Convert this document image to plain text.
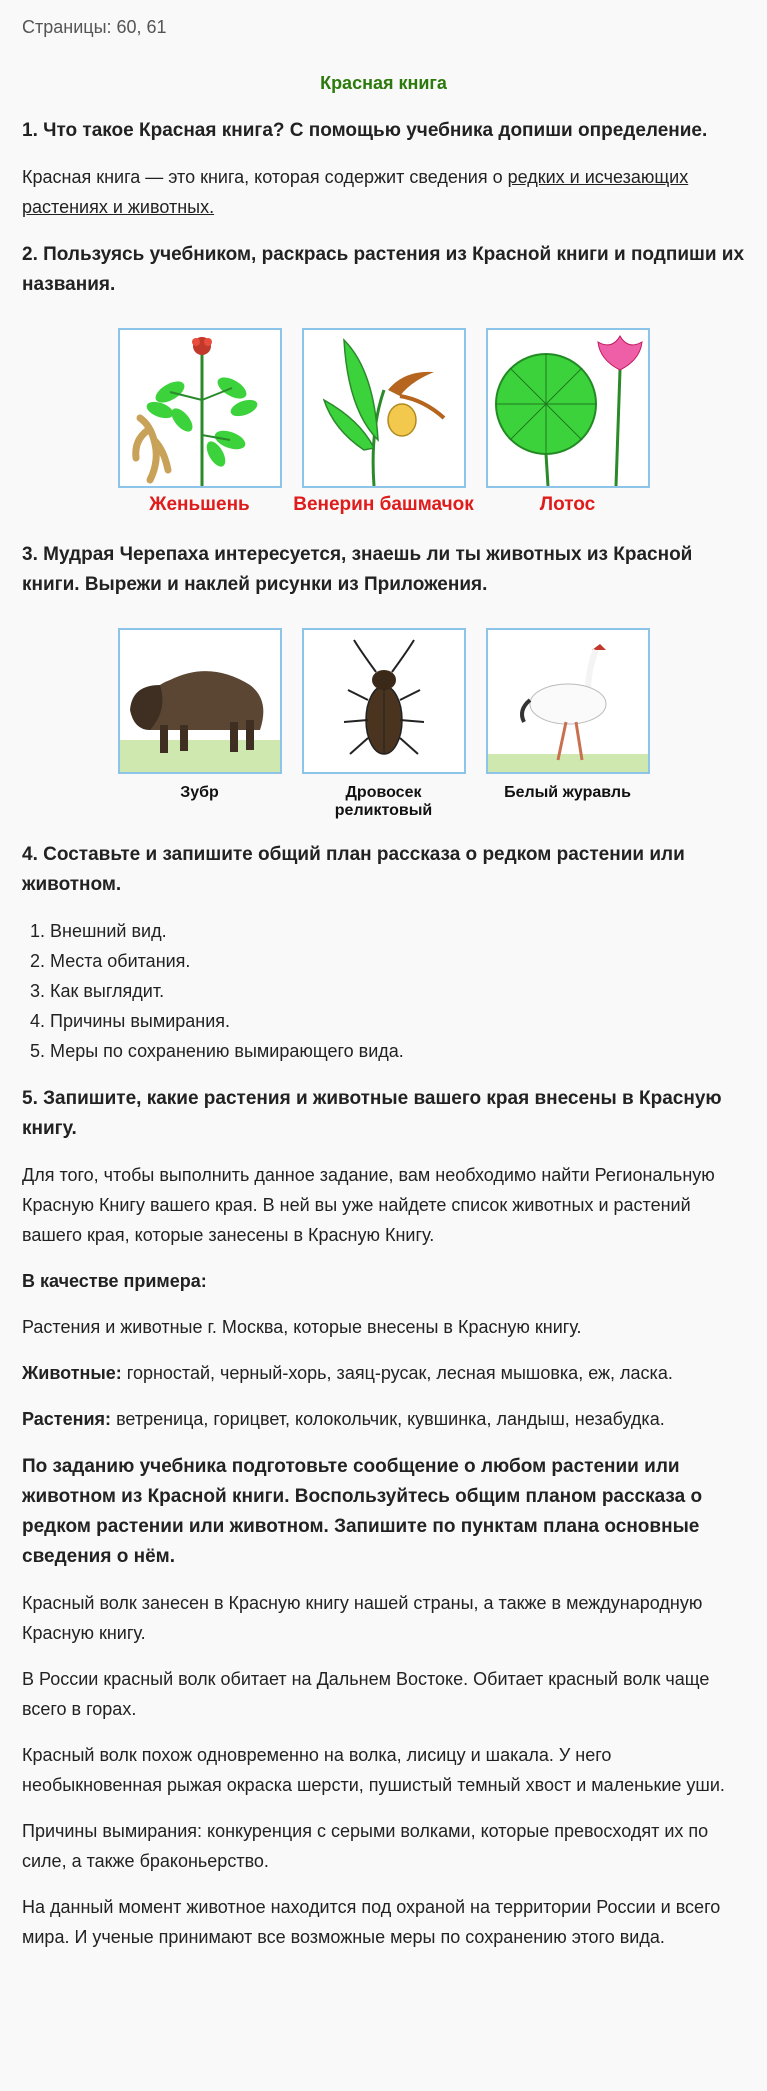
Страницы: 60, 61
Красная книга
1. Что такое Красная книга? С помощью учебника допиши определение.

Красная книга — это книга, которая содержит сведения о редких и исчезающих растениях и животных.

2. Пользуясь учебником, раскрась растения из Красной книги и подпиши их названия.
Женьшень	Венерин башмачок	Лотос
3. Мудрая Черепаха интересуется, знаешь ли ты животных из Красной книги. Вырежи и наклей рисунки из Приложения.
Зубр	Дровосек реликтовый
Белый журавль
4. Составьте и запишите общий план рассказа о редком растении или животном.
1. Внешний вид.
2. Места обитания.
3. Как выглядит.
4. Причины вымирания.
5. Меры по сохранению вымирающего вида.
5. Запишите, какие растения и животные вашего края внесены в Красную книгу.

Для того, чтобы выполнить данное задание, вам необходимо найти Региональную Красную Книгу вашего края. В ней вы уже найдете список животных и растений вашего края, которые занесены в Красную Книгу.

В качестве примера:

Растения и животные г. Москва, которые внесены в Красную книгу.

Животные: горностай, черный-хорь, заяц-русак, лесная мышовка, еж, ласка.

Растения: ветреница, горицвет, колокольчик, кувшинка, ландыш, незабудка.

По заданию учебника подготовьте сообщение о любом растении или животном из Красной книги. Воспользуйтесь общим планом рассказа о редком растении или животном. Запишите по пунктам плана основные сведения о нём.

Красный волк занесен в Красную книгу нашей страны, а также в международную Красную книгу.

В России красный волк обитает на Дальнем Востоке. Обитает красный волк чаще всего в горах.

Красный волк похож одновременно на волка, лисицу и шакала. У него необыкновенная рыжая окраска шерсти, пушистый темный хвост и маленькие уши.

Причины вымирания: конкуренция с серыми волками, которые превосходят их по силе, а также браконьерство.

На данный момент животное находится под охраной на территории России и всего мира. И ученые принимают все возможные меры по сохранению этого вида.
